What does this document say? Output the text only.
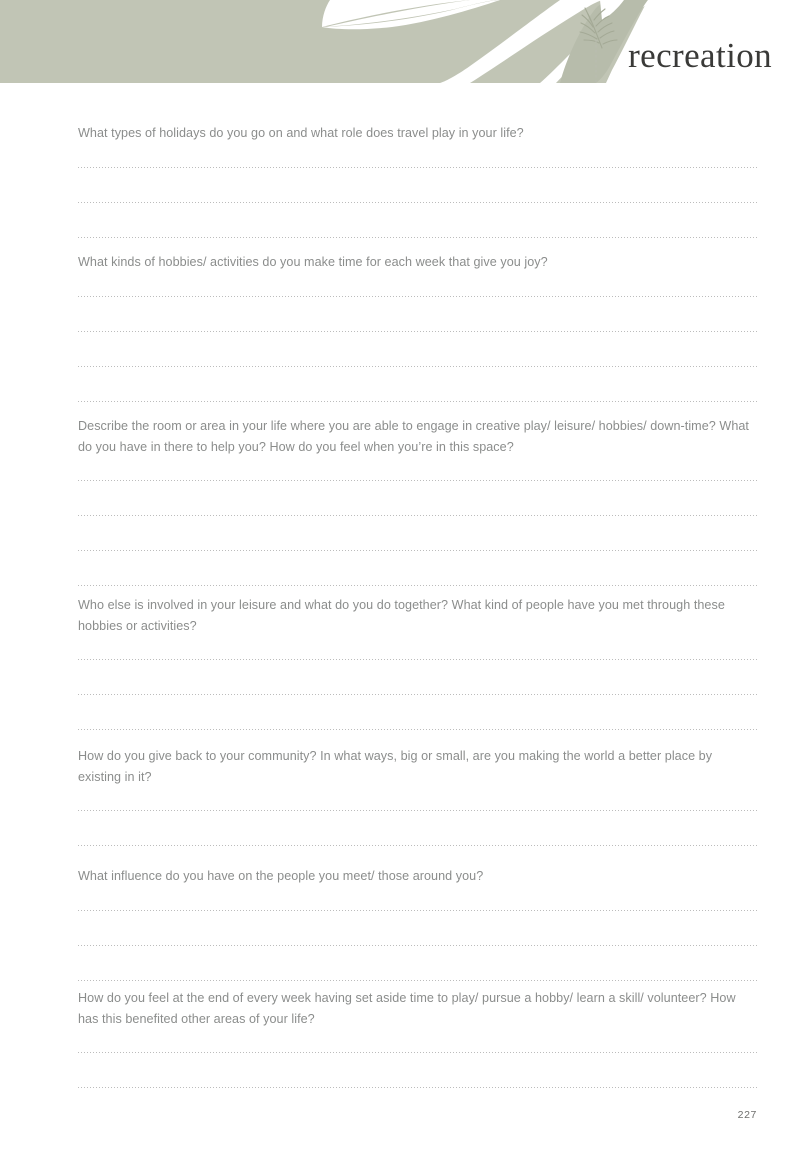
recreation

What types of holidays do you go on and what role does travel play in your life?

What kinds of hobbies/ activities do you make time for each week that give you joy?

Describe the room or area in your life where you are able to engage in creative play/ leisure/ hobbies/ down-time? What do you have in there to help you? How do you feel when you’re in this space?

Who else is involved in your leisure and what do you do together? What kind of people have you met through these hobbies or activities?

How do you give back to your community? In what ways, big or small, are you making the world a better place by existing in it?

What influence do you have on the people you meet/ those around you?

How do you feel at the end of every week having set aside time to play/ pursue a hobby/ learn a skill/ volunteer? How has this benefited other areas of your life?

227
